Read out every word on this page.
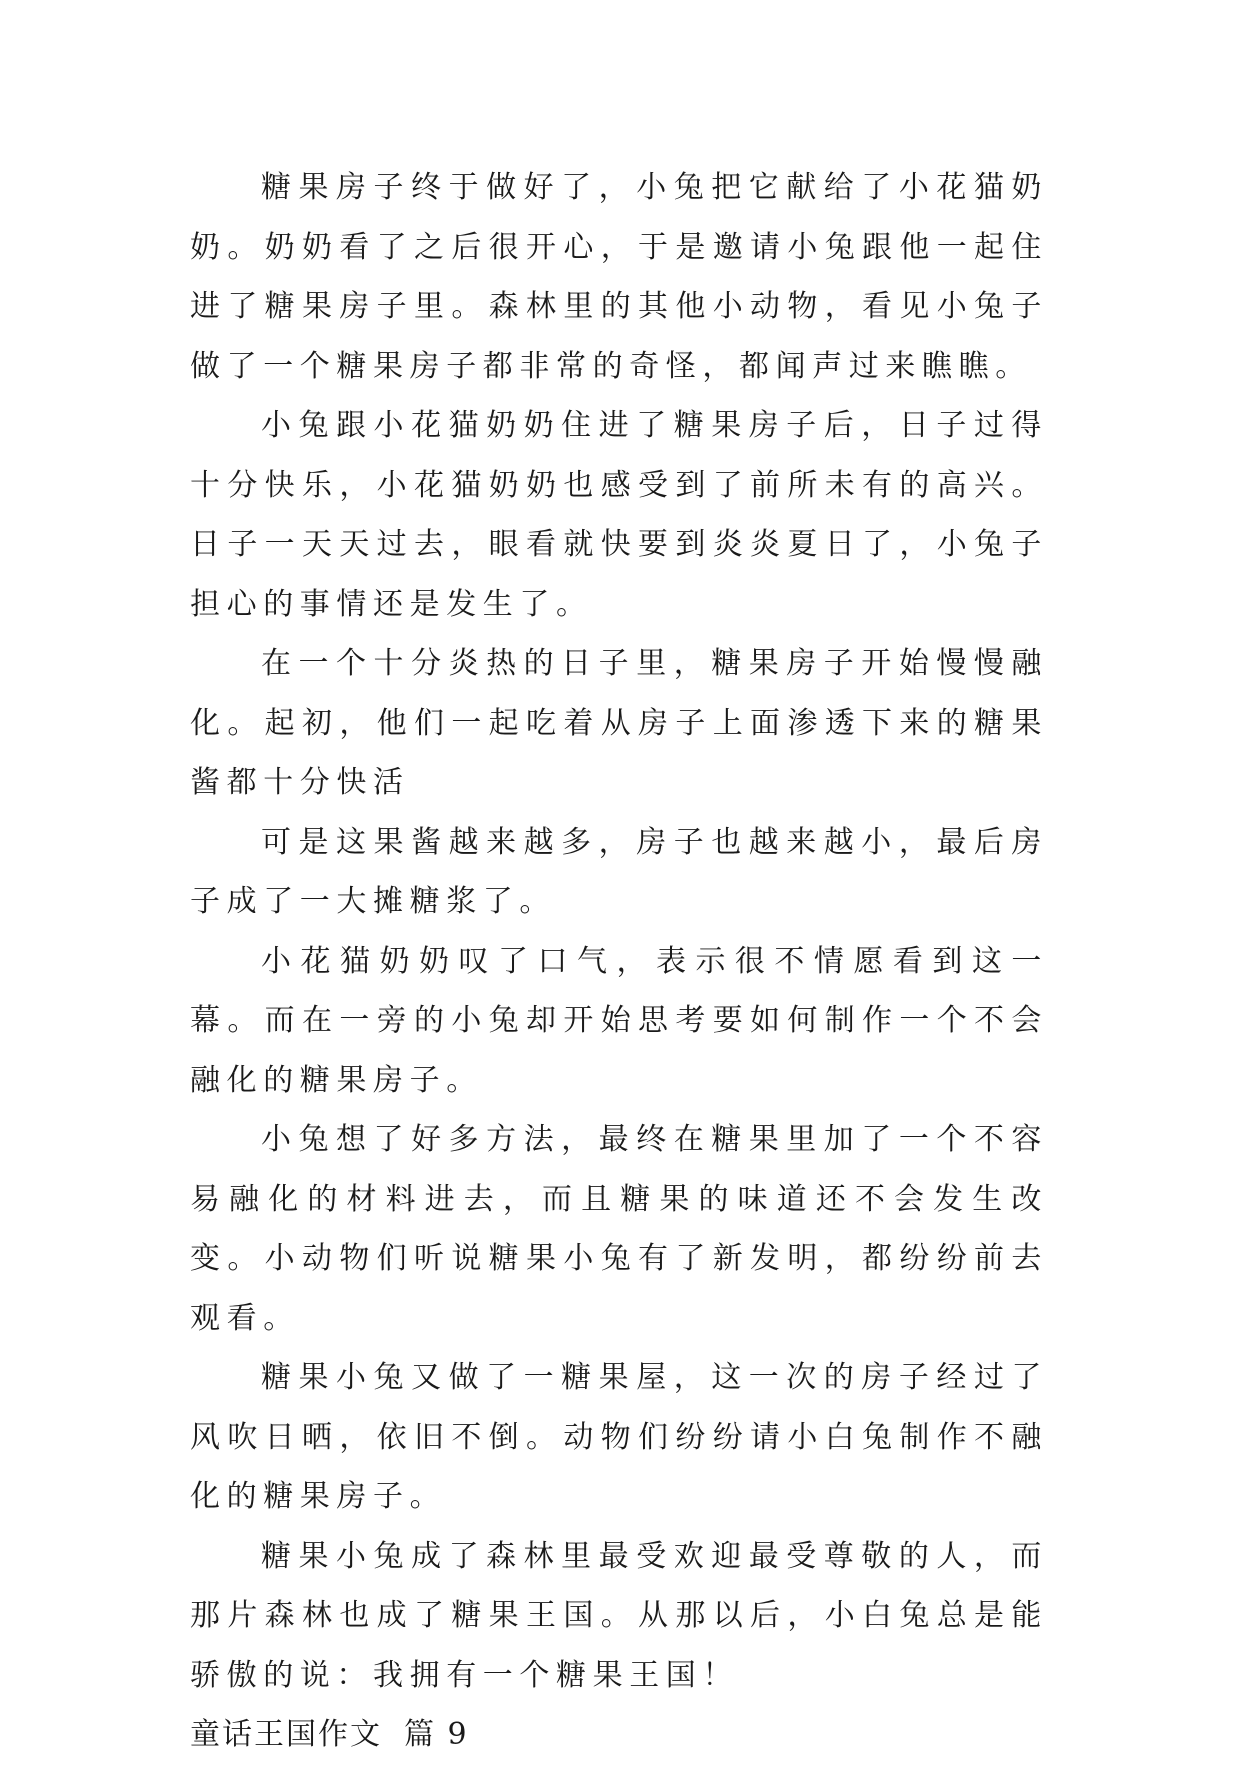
糖果房子终于做好了，小兔把它献给了小花猫奶奶。奶奶看了之后很开心，于是邀请小兔跟他一起住进了糖果房子里。森林里的其他小动物，看见小兔子做了一个糖果房子都非常的奇怪，都闻声过来瞧瞧。

小兔跟小花猫奶奶住进了糖果房子后，日子过得十分快乐，小花猫奶奶也感受到了前所未有的高兴。日子一天天过去，眼看就快要到炎炎夏日了，小兔子担心的事情还是发生了。

在一个十分炎热的日子里，糖果房子开始慢慢融化。起初，他们一起吃着从房子上面渗透下来的糖果酱都十分快活

可是这果酱越来越多，房子也越来越小，最后房子成了一大摊糖浆了。

小花猫奶奶叹了口气，表示很不情愿看到这一幕。而在一旁的小兔却开始思考要如何制作一个不会融化的糖果房子。

小兔想了好多方法，最终在糖果里加了一个不容易融化的材料进去，而且糖果的味道还不会发生改变。小动物们听说糖果小兔有了新发明，都纷纷前去观看。

糖果小兔又做了一糖果屋，这一次的房子经过了风吹日晒，依旧不倒。动物们纷纷请小白兔制作不融化的糖果房子。

糖果小兔成了森林里最受欢迎最受尊敬的人，而那片森林也成了糖果王国。从那以后，小白兔总是能骄傲的说：我拥有一个糖果王国！

童话王国作文 篇 9
